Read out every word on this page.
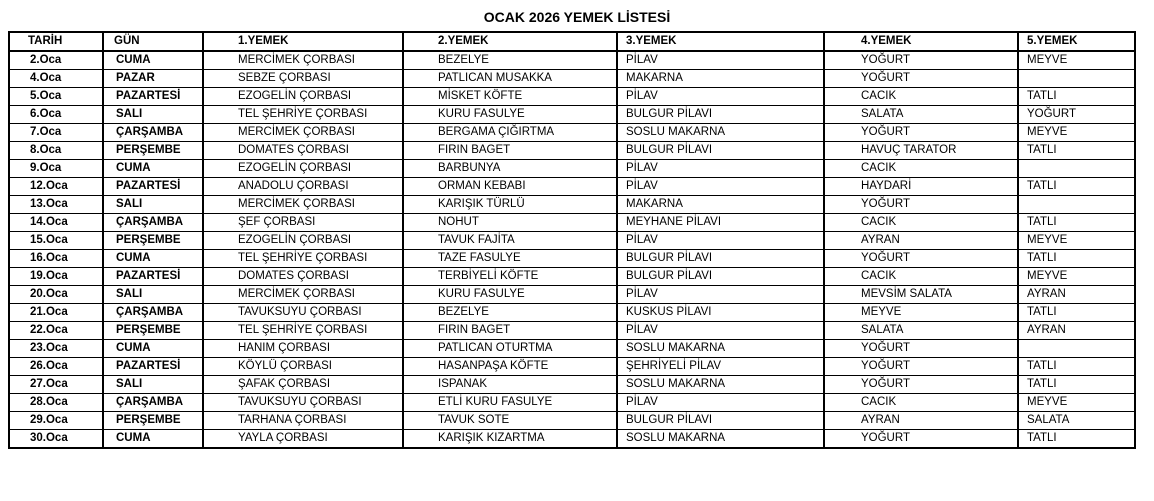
OCAK 2026 YEMEK LİSTESİ
TARİH	GÜN	1.YEMEK	2.YEMEK	3.YEMEK	4.YEMEK	5.YEMEK
2.Oca	CUMA	MERCİMEK ÇORBASI	BEZELYE	PİLAV	YOĞURT	MEYVE
4.Oca	PAZAR	SEBZE ÇORBASI	PATLICAN MUSAKKA	MAKARNA	YOĞURT	
5.Oca	PAZARTESİ	EZOGELİN ÇORBASI	MİSKET KÖFTE	PİLAV	CACIK	TATLI
6.Oca	SALI	TEL ŞEHRİYE ÇORBASI	KURU FASULYE	BULGUR PİLAVI	SALATA	YOĞURT
7.Oca	ÇARŞAMBA	MERCİMEK ÇORBASI	BERGAMA ÇIĞIRTMA	SOSLU MAKARNA	YOĞURT	MEYVE
8.Oca	PERŞEMBE	DOMATES ÇORBASI	FIRIN BAGET	BULGUR PİLAVI	HAVUÇ TARATOR	TATLI
9.Oca	CUMA	EZOGELİN ÇORBASI	BARBUNYA	PİLAV	CACIK	
12.Oca	PAZARTESİ	ANADOLU ÇORBASI	ORMAN KEBABI	PİLAV	HAYDARİ	TATLI
13.Oca	SALI	MERCİMEK ÇORBASI	KARIŞIK TÜRLÜ	MAKARNA	YOĞURT	
14.Oca	ÇARŞAMBA	ŞEF ÇORBASI	NOHUT	MEYHANE PİLAVI	CACIK	TATLI
15.Oca	PERŞEMBE	EZOGELİN ÇORBASI	TAVUK FAJİTA	PİLAV	AYRAN	MEYVE
16.Oca	CUMA	TEL ŞEHRİYE ÇORBASI	TAZE FASULYE	BULGUR PİLAVI	YOĞURT	TATLI
19.Oca	PAZARTESİ	DOMATES ÇORBASI	TERBİYELİ KÖFTE	BULGUR PİLAVI	CACIK	MEYVE
20.Oca	SALI	MERCİMEK ÇORBASI	KURU FASULYE	PİLAV	MEVSİM SALATA	AYRAN
21.Oca	ÇARŞAMBA	TAVUKSUYU ÇORBASI	BEZELYE	KUSKUS PİLAVI	MEYVE	TATLI
22.Oca	PERŞEMBE	TEL ŞEHRİYE ÇORBASI	FIRIN BAGET	PİLAV	SALATA	AYRAN
23.Oca	CUMA	HANIM ÇORBASI	PATLICAN OTURTMA	SOSLU MAKARNA	YOĞURT	
26.Oca	PAZARTESİ	KÖYLÜ ÇORBASI	HASANPAŞA KÖFTE	ŞEHRİYELİ PİLAV	YOĞURT	TATLI
27.Oca	SALI	ŞAFAK ÇORBASI	ISPANAK	SOSLU MAKARNA	YOĞURT	TATLI
28.Oca	ÇARŞAMBA	TAVUKSUYU ÇORBASI	ETLİ KURU FASULYE	PİLAV	CACIK	MEYVE
29.Oca	PERŞEMBE	TARHANA ÇORBASI	TAVUK SOTE	BULGUR PİLAVI	AYRAN	SALATA
30.Oca	CUMA	YAYLA ÇORBASI	KARIŞIK KIZARTMA	SOSLU MAKARNA	YOĞURT	TATLI
